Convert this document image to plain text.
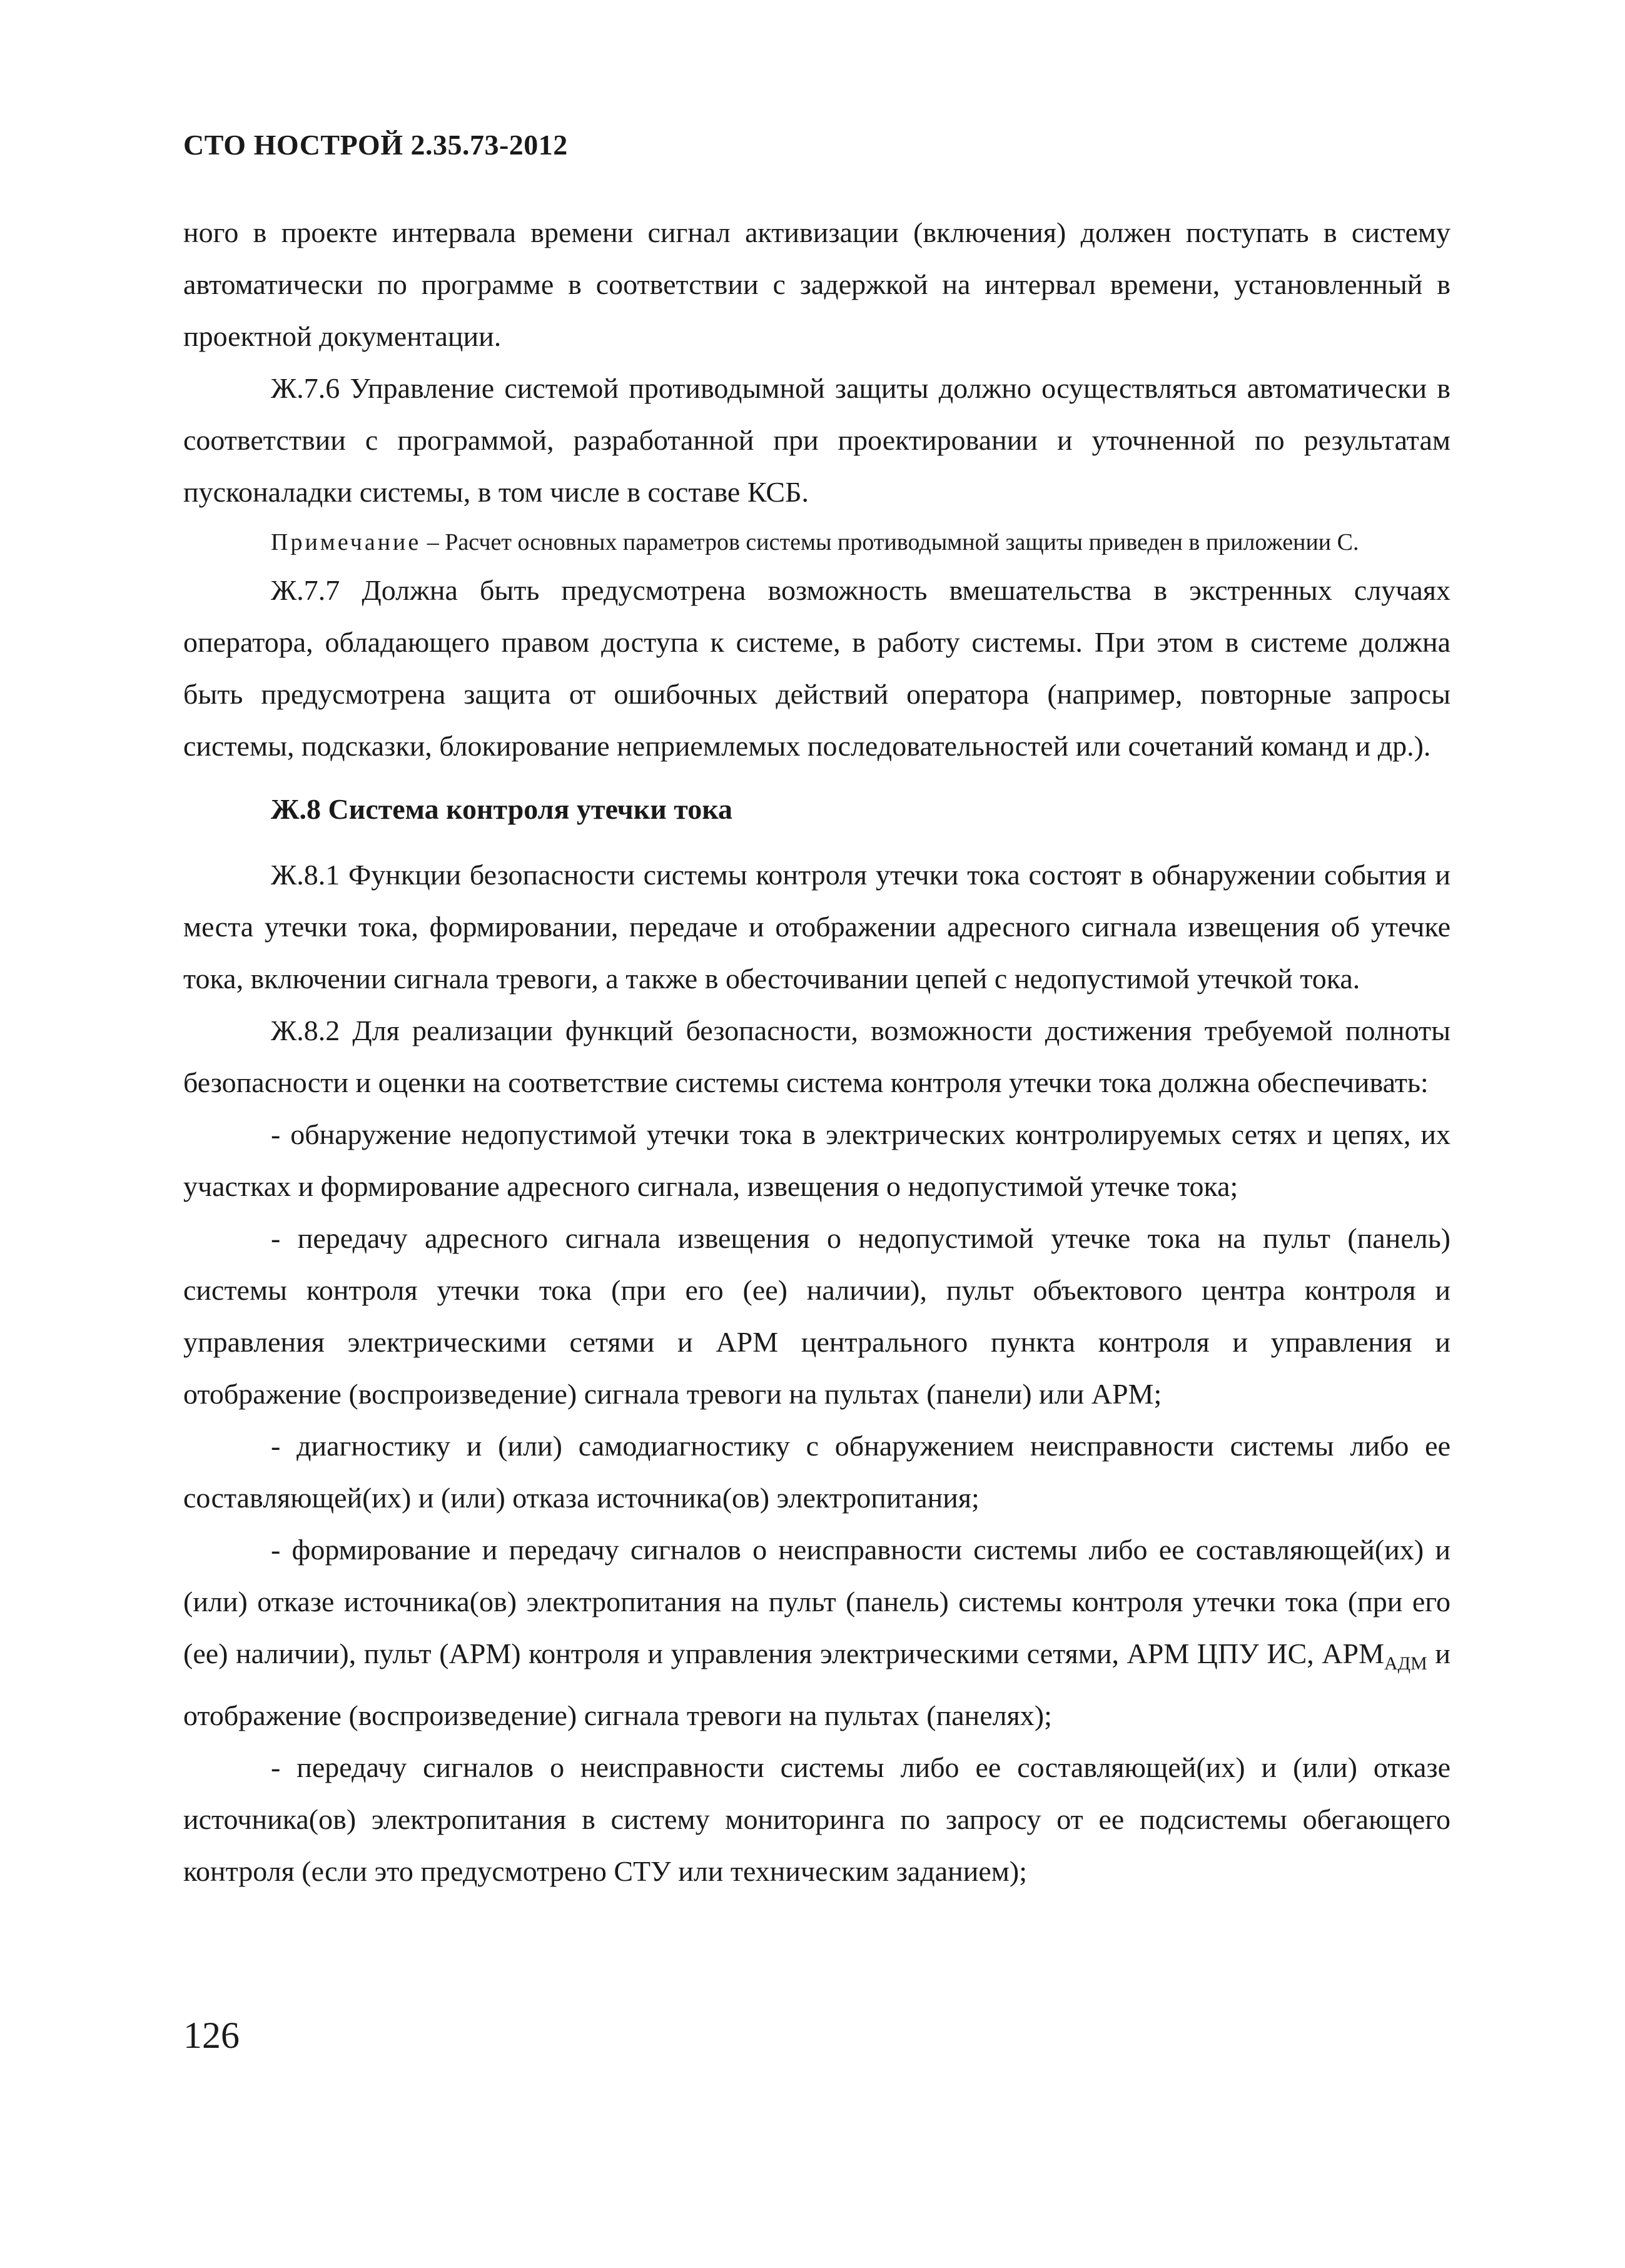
СТО НОСТРОЙ 2.35.73-2012

ного в проекте интервала времени сигнал активизации (включения) должен поступать в систему автоматически по программе в соответствии с задержкой на интервал времени, установленный в проектной документации.

Ж.7.6 Управление системой противодымной защиты должно осуществляться автоматически в соответствии с программой, разработанной при проектировании и уточненной по результатам пусконаладки системы, в том числе в составе КСБ.

Примечание – Расчет основных параметров системы противодымной защиты приведен в приложении С.

Ж.7.7 Должна быть предусмотрена возможность вмешательства в экстренных случаях оператора, обладающего правом доступа к системе, в работу системы. При этом в системе должна быть предусмотрена защита от ошибочных действий оператора (например, повторные запросы системы, подсказки, блокирование неприемлемых последовательностей или сочетаний команд и др.).

Ж.8 Система контроля утечки тока

Ж.8.1 Функции безопасности системы контроля утечки тока состоят в обнаружении события и места утечки тока, формировании, передаче и отображении адресного сигнала извещения об утечке тока, включении сигнала тревоги, а также в обесточивании цепей с недопустимой утечкой тока.

Ж.8.2 Для реализации функций безопасности, возможности достижения требуемой полноты безопасности и оценки на соответствие системы система контроля утечки тока должна обеспечивать:

- обнаружение недопустимой утечки тока в электрических контролируемых сетях и цепях, их участках и формирование адресного сигнала, извещения о недопустимой утечке тока;

- передачу адресного сигнала извещения о недопустимой утечке тока на пульт (панель) системы контроля утечки тока (при его (ее) наличии), пульт объектового центра контроля и управления электрическими сетями и АРМ центрального пункта контроля и управления и отображение (воспроизведение) сигнала тревоги на пультах (панели) или АРМ;

- диагностику и (или) самодиагностику с обнаружением неисправности системы либо ее составляющей(их) и (или) отказа источника(ов) электропитания;

- формирование и передачу сигналов о неисправности системы либо ее составляющей(их) и (или) отказе источника(ов) электропитания на пульт (панель) системы контроля утечки тока (при его (ее) наличии), пульт (АРМ) контроля и управления электрическими сетями, АРМ ЦПУ ИС, $АРМ_{АДМ}$ и отображение (воспроизведение) сигнала тревоги на пультах (панелях);

- передачу сигналов о неисправности системы либо ее составляющей(их) и (или) отказе источника(ов) электропитания в систему мониторинга по запросу от ее подсистемы обегающего контроля (если это предусмотрено СТУ или техническим заданием);

126
